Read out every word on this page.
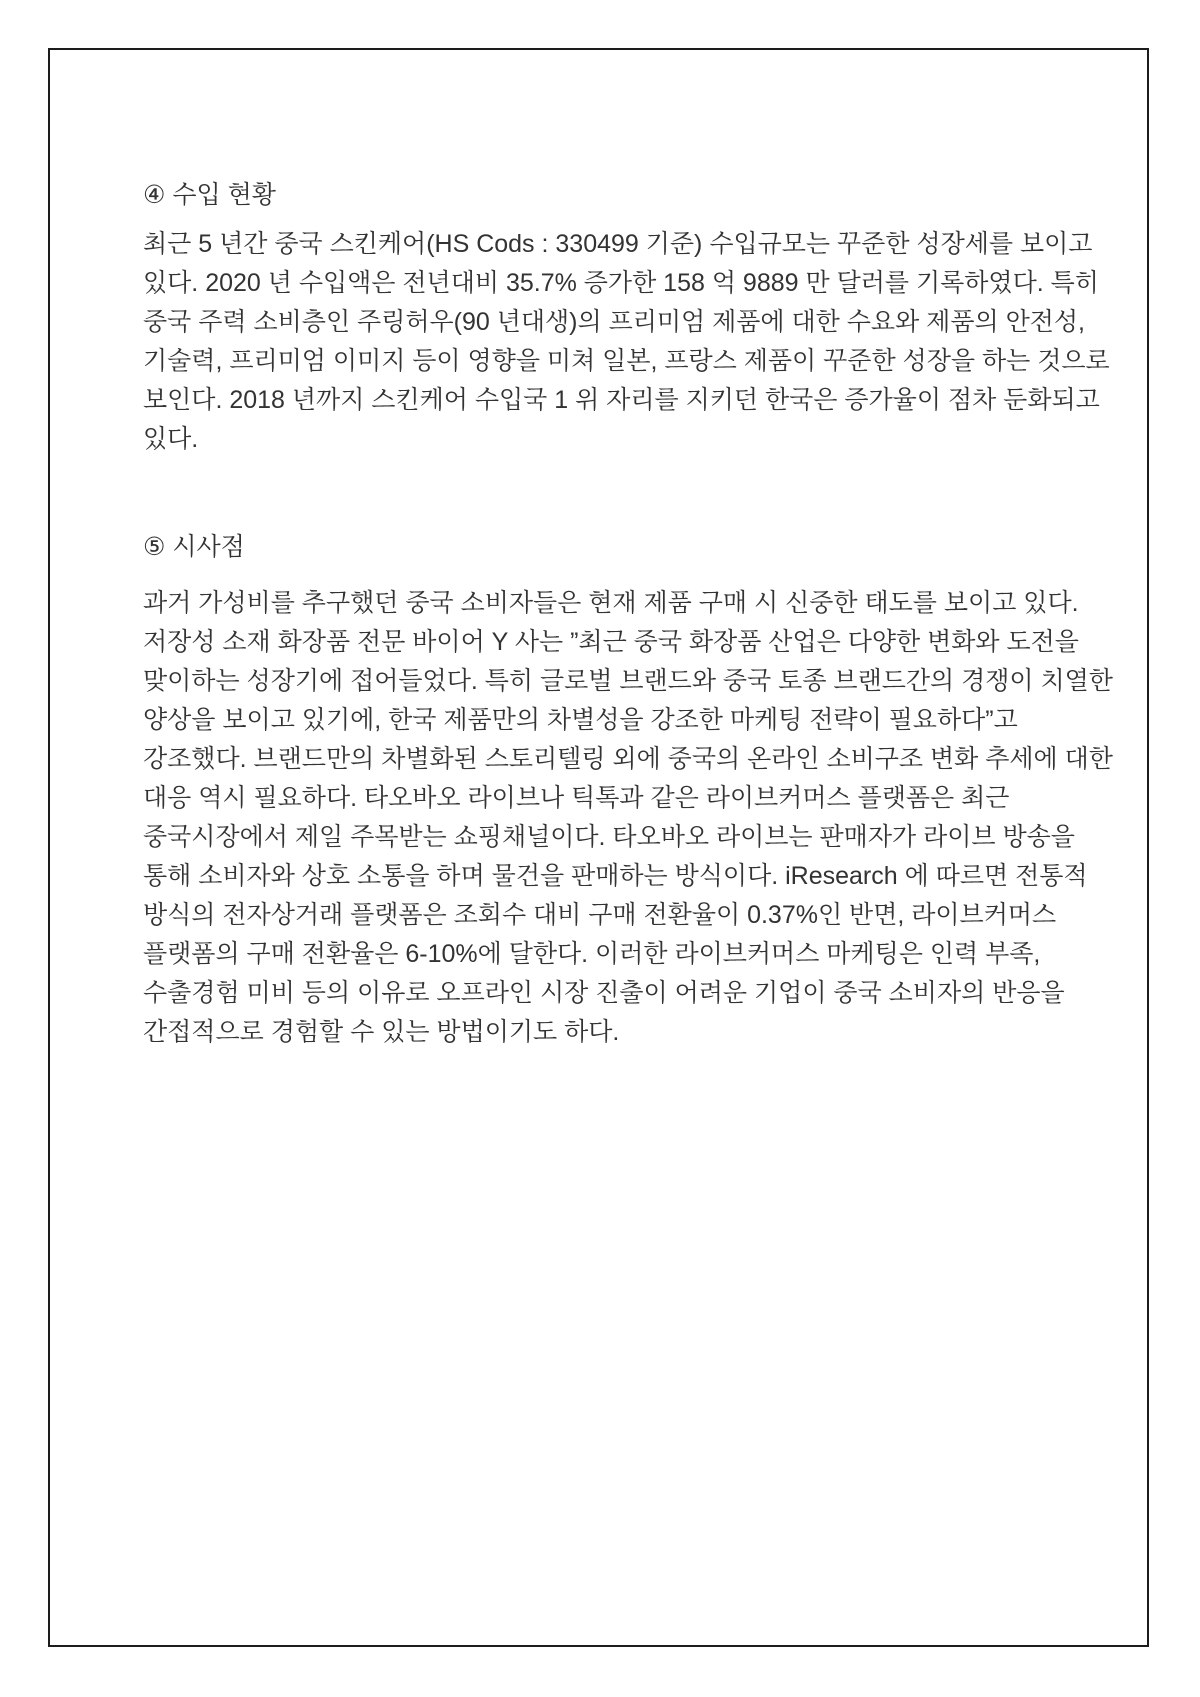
④ 수입 현황
최근 5 년간 중국 스킨케어(HS Cods : 330499 기준) 수입규모는 꾸준한 성장세를 보이고
있다. 2020 년 수입액은 전년대비 35.7% 증가한 158 억 9889 만 달러를 기록하였다. 특히
중국 주력 소비층인 주링허우(90 년대생)의 프리미엄 제품에 대한 수요와 제품의 안전성,
기술력, 프리미엄 이미지 등이 영향을 미쳐 일본, 프랑스 제품이 꾸준한 성장을 하는 것으로
보인다. 2018 년까지 스킨케어 수입국 1 위 자리를 지키던 한국은 증가율이 점차 둔화되고
있다.
⑤ 시사점
과거 가성비를 추구했던 중국 소비자들은 현재 제품 구매 시 신중한 태도를 보이고 있다.
저장성 소재 화장품 전문 바이어 Y 사는 ”최근 중국 화장품 산업은 다양한 변화와 도전을
맞이하는 성장기에 접어들었다. 특히 글로벌 브랜드와 중국 토종 브랜드간의 경쟁이 치열한
양상을 보이고 있기에, 한국 제품만의 차별성을 강조한 마케팅 전략이 필요하다”고
강조했다. 브랜드만의 차별화된 스토리텔링 외에 중국의 온라인 소비구조 변화 추세에 대한
대응 역시 필요하다. 타오바오 라이브나 틱톡과 같은 라이브커머스 플랫폼은 최근
중국시장에서 제일 주목받는 쇼핑채널이다. 타오바오 라이브는 판매자가 라이브 방송을
통해 소비자와 상호 소통을 하며 물건을 판매하는 방식이다. iResearch 에 따르면 전통적
방식의 전자상거래 플랫폼은 조회수 대비 구매 전환율이 0.37%인 반면, 라이브커머스
플랫폼의 구매 전환율은 6-10%에 달한다. 이러한 라이브커머스 마케팅은 인력 부족,
수출경험 미비 등의 이유로 오프라인 시장 진출이 어려운 기업이 중국 소비자의 반응을
간접적으로 경험할 수 있는 방법이기도 하다.
